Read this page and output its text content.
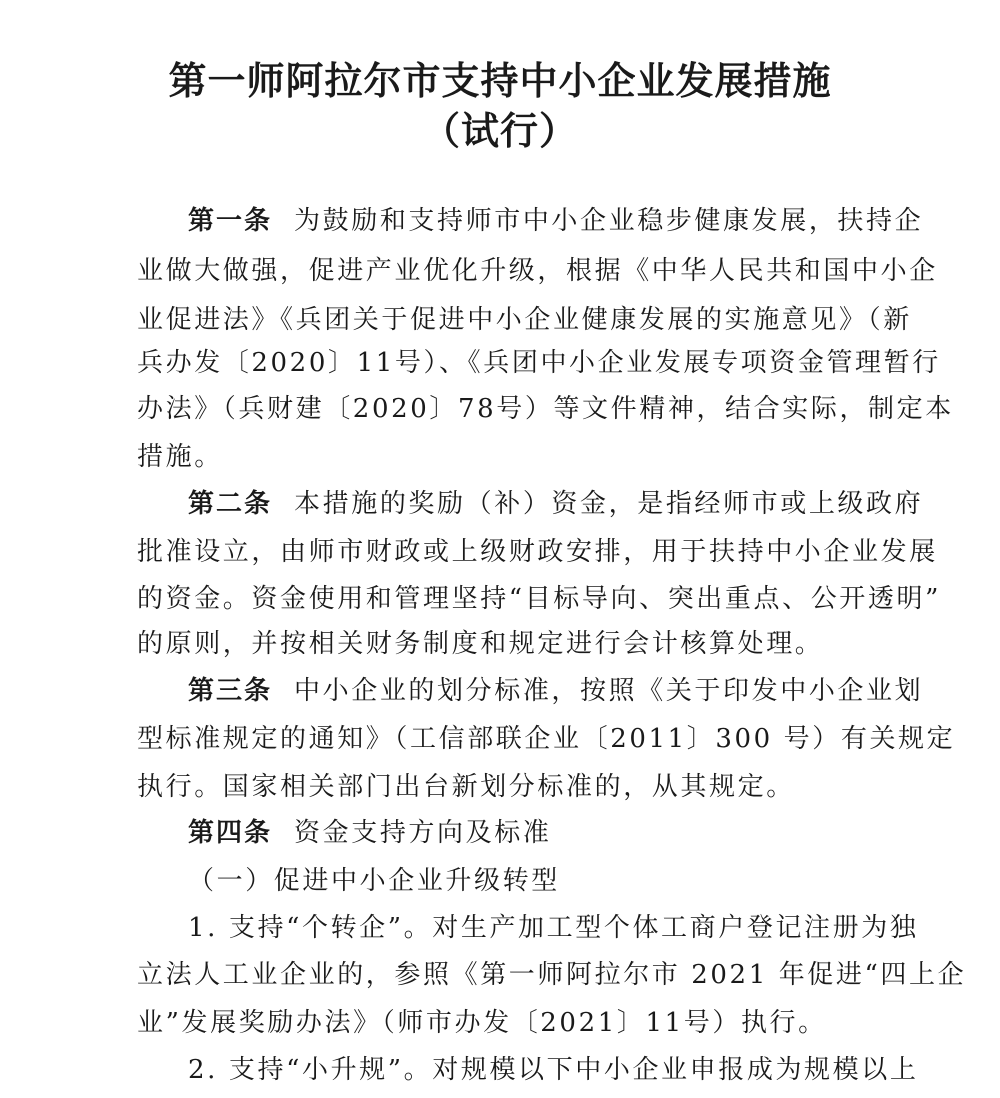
第一师阿拉尔市支持中小企业发展措施
（试行）
第一条 为鼓励和支持师市中小企业稳步健康发展，扶持企
业做大做强，促进产业优化升级，根据《中华人民共和国中小企
业促进法》《兵团关于促进中小企业健康发展的实施意见》（新
兵办发〔2020〕11号）、《兵团中小企业发展专项资金管理暂行
办法》（兵财建〔2020〕78号）等文件精神，结合实际，制定本
措施。
第二条 本措施的奖励（补）资金，是指经师市或上级政府
批准设立，由师市财政或上级财政安排，用于扶持中小企业发展
的资金。资金使用和管理坚持“目标导向、突出重点、公开透明”
的原则，并按相关财务制度和规定进行会计核算处理。
第三条 中小企业的划分标准，按照《关于印发中小企业划
型标准规定的通知》（工信部联企业〔2011〕300 号）有关规定
执行。国家相关部门出台新划分标准的，从其规定。
第四条 资金支持方向及标准
（一）促进中小企业升级转型
1. 支持“个转企”。对生产加工型个体工商户登记注册为独
立法人工业企业的，参照《第一师阿拉尔市 2021 年促进“四上企
业”发展奖励办法》（师市办发〔2021〕11号）执行。
2. 支持“小升规”。对规模以下中小企业申报成为规模以上
